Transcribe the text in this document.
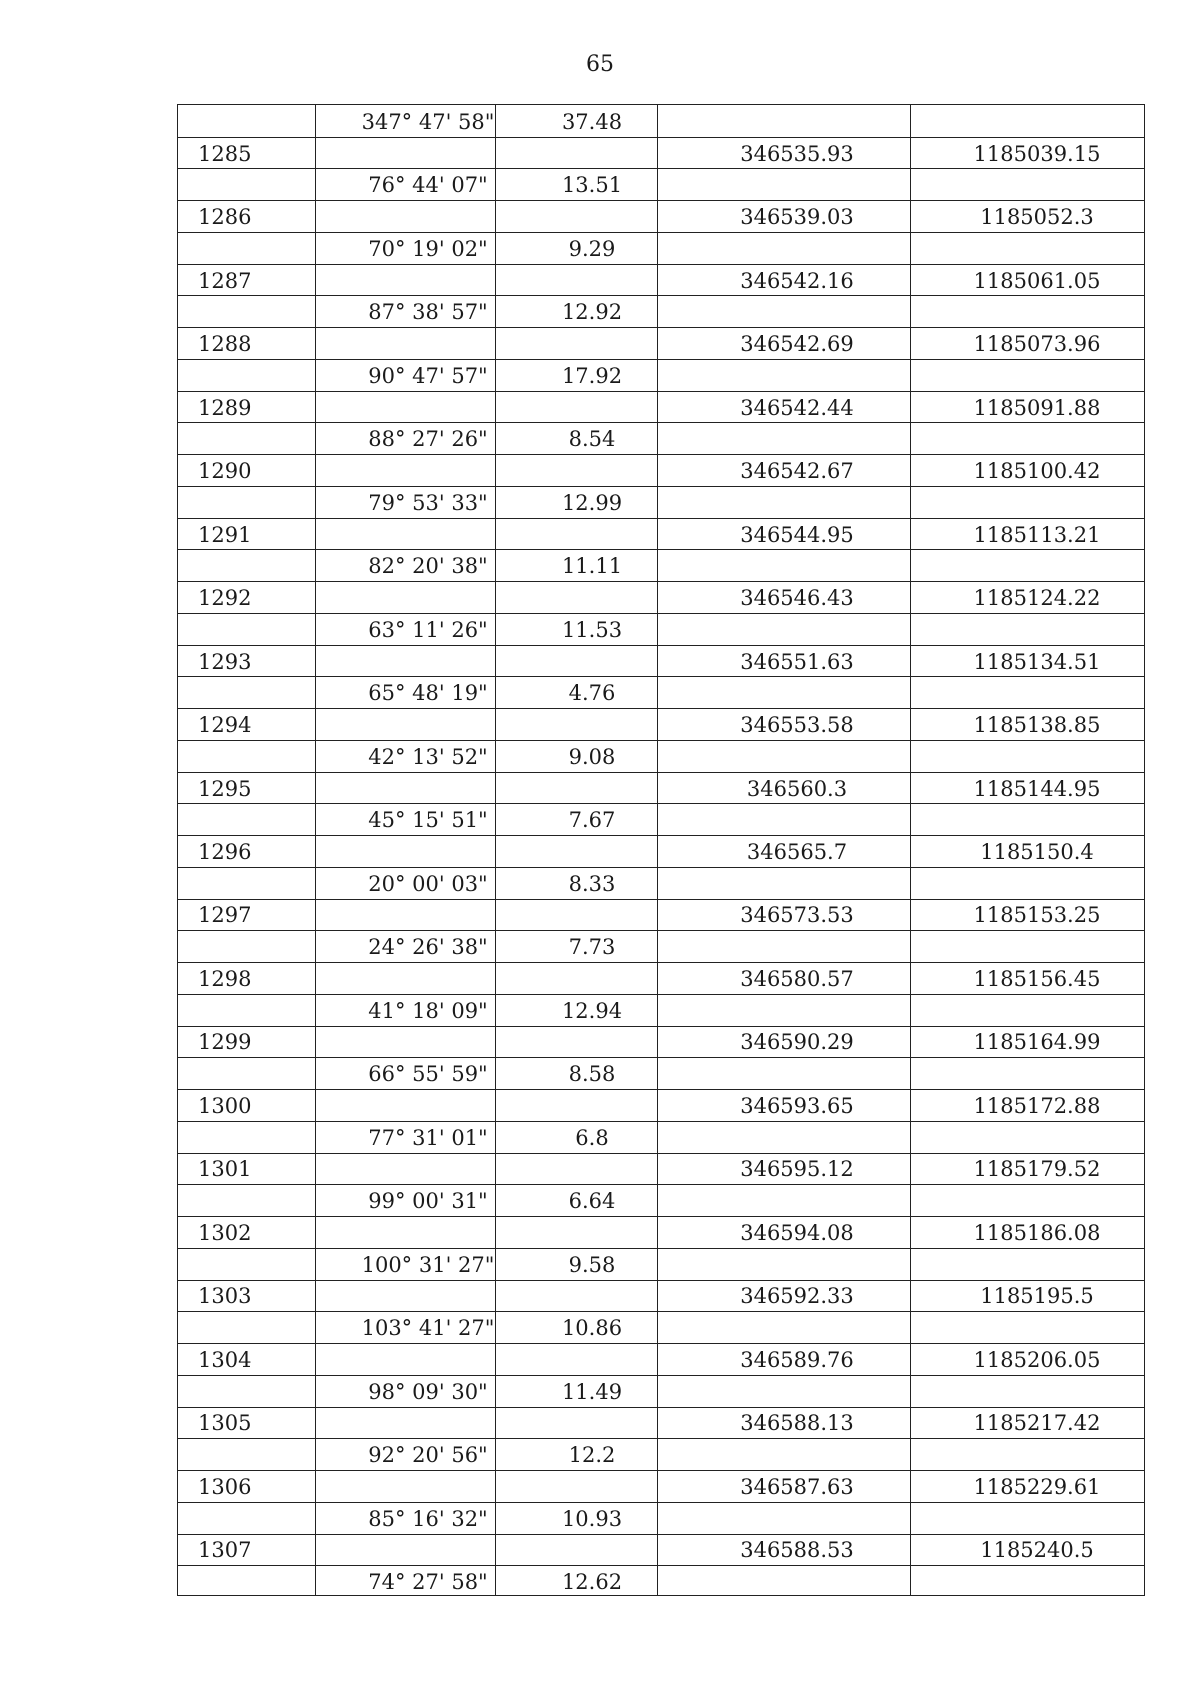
65
347° 47' 58"	37.48
1285	346535.93	1185039.15
76° 44' 07"	13.51
1286	346539.03	1185052.3
70° 19' 02"	9.29
1287	346542.16	1185061.05
87° 38' 57"	12.92
1288	346542.69	1185073.96
90° 47' 57"	17.92
1289	346542.44	1185091.88
88° 27' 26"	8.54
1290	346542.67	1185100.42
79° 53' 33"	12.99
1291	346544.95	1185113.21
82° 20' 38"	11.11
1292	346546.43	1185124.22
63° 11' 26"	11.53
1293	346551.63	1185134.51
65° 48' 19"	4.76
1294	346553.58	1185138.85
42° 13' 52"	9.08
1295	346560.3	1185144.95
45° 15' 51"	7.67
1296	346565.7	1185150.4
20° 00' 03"	8.33
1297	346573.53	1185153.25
24° 26' 38"	7.73
1298	346580.57	1185156.45
41° 18' 09"	12.94
1299	346590.29	1185164.99
66° 55' 59"	8.58
1300	346593.65	1185172.88
77° 31' 01"	6.8
1301	346595.12	1185179.52
99° 00' 31"	6.64
1302	346594.08	1185186.08
100° 31' 27"	9.58
1303	346592.33	1185195.5
103° 41' 27"	10.86
1304	346589.76	1185206.05
98° 09' 30"	11.49
1305	346588.13	1185217.42
92° 20' 56"	12.2
1306	346587.63	1185229.61
85° 16' 32"	10.93
1307	346588.53	1185240.5
74° 27' 58"	12.62
